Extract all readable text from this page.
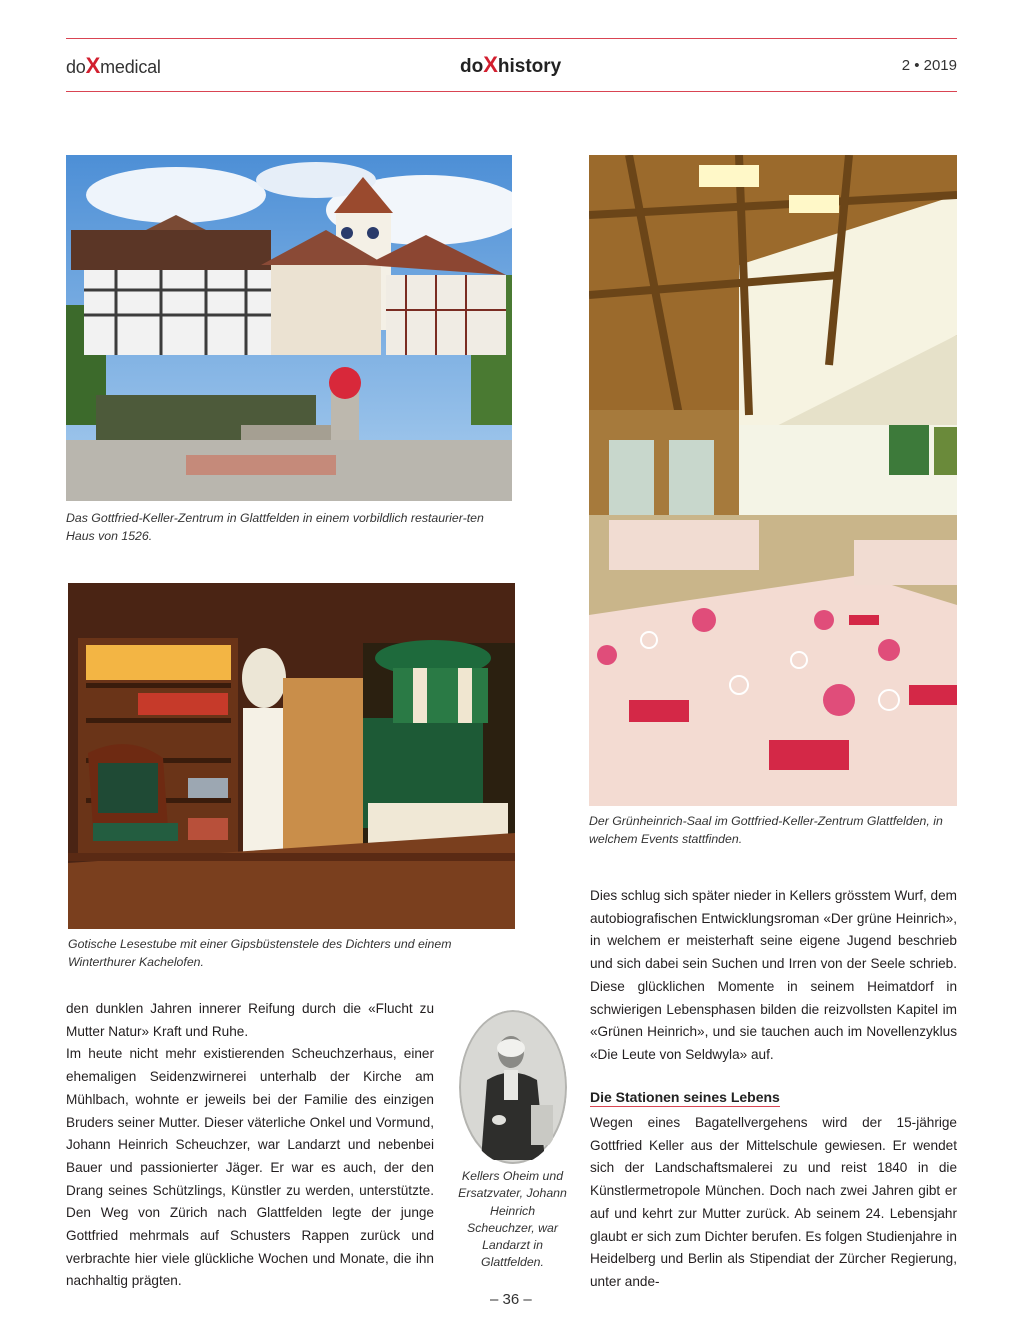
doXmedical	doXhistory	2 • 2019
Das Gottfried-Keller-Zentrum in Glattfelden in einem vorbildlich restaurier-ten Haus von 1526.
Der Grünheinrich-Saal im Gottfried-Keller-Zentrum Glattfelden, in welchem Events stattfinden.
Gotische Lesestube mit einer Gipsbüstenstele des Dichters und einem Winterthurer Kachelofen.
Kellers Oheim und Ersatzvater, Johann Heinrich Scheuchzer, war Landarzt in Glattfelden.

den dunklen Jahren innerer Reifung durch die «Flucht zu Mutter Natur» Kraft und Ruhe.

Im heute nicht mehr existierenden Scheuchzerhaus, einer ehemaligen Seidenzwirnerei unterhalb der Kirche am Mühlbach, wohnte er jeweils bei der Familie des einzigen Bruders seiner Mutter. Dieser väterliche Onkel und Vormund, Johann Heinrich Scheuchzer, war Landarzt und nebenbei Bauer und passionierter Jäger. Er war es auch, der den Drang seines Schützlings, Künstler zu werden, unterstützte. Den Weg von Zürich nach Glattfelden legte der junge Gottfried mehrmals auf Schusters Rappen zurück und verbrachte hier viele glückliche Wochen und Monate, die ihn nachhaltig prägten.

Dies schlug sich später nieder in Kellers grösstem Wurf, dem autobiografischen Entwicklungsroman «Der grüne Heinrich», in welchem er meisterhaft seine eigene Jugend beschrieb und sich dabei sein Suchen und Irren von der Seele schrieb. Diese glücklichen Momente in seinem Heimatdorf in schwierigen Lebensphasen bilden die reizvollsten Kapitel im «Grünen Heinrich», und sie tauchen auch im Novellenzyklus «Die Leute von Seldwyla» auf.

Die Stationen seines Lebens

Wegen eines Bagatellvergehens wird der 15-jährige Gottfried Keller aus der Mittelschule gewiesen. Er wendet sich der Landschaftsmalerei zu und reist 1840 in die Künstlermetropole München. Doch nach zwei Jahren gibt er auf und kehrt zur Mutter zurück. Ab seinem 24. Lebensjahr glaubt er sich zum Dichter berufen. Es folgen Studienjahre in Heidelberg und Berlin als Stipendiat der Zürcher Regierung, unter ande-

– 36 –
